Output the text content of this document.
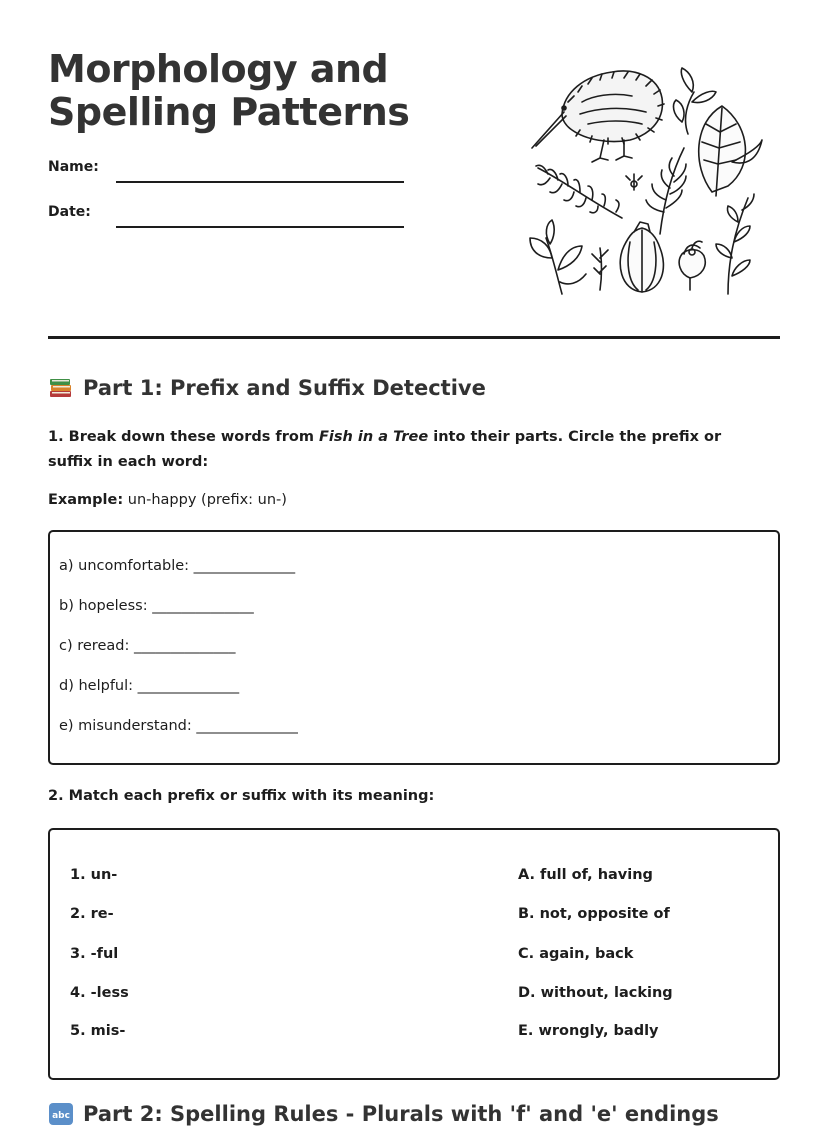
Morphology and
Spelling Patterns
Name:
Date:
Part 1: Prefix and Suffix Detective

1. Break down these words from Fish in a Tree into their parts. Circle the prefix or suffix in each word:

Example: un-happy (prefix: un-)
a) uncomfortable: ______________
b) hopeless: ______________
c) reread: ______________
d) helpful: ______________
e) misunderstand: ______________

2. Match each prefix or suffix with its meaning:

1. un-
2. re-
3. -ful
4. -less
5. mis-
A. full of, having
B. not, opposite of
C. again, back
D. without, lacking
E. wrongly, badly
abc Part 2: Spelling Rules - Plurals with 'f' and 'e' endings
